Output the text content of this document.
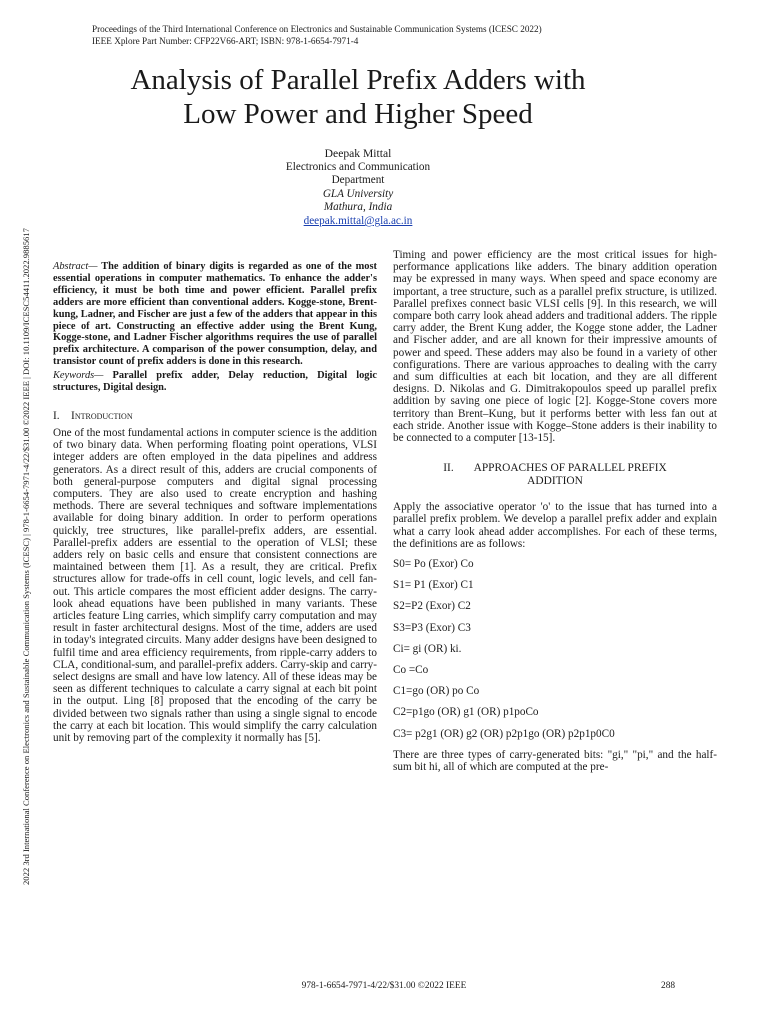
Proceedings of the Third International Conference on Electronics and Sustainable Communication Systems (ICESC 2022)
IEEE Xplore Part Number: CFP22V66-ART; ISBN: 978-1-6654-7971-4
2022 3rd International Conference on Electronics and Sustainable Communication Systems (ICESC) | 978-1-6654-7971-4/22/$31.00 ©2022 IEEE | DOI: 10.1109/ICESC54411.2022.9885617
Analysis of Parallel Prefix Adders with
Low Power and Higher Speed
Deepak Mittal
Electronics and Communication
Department
GLA University
Mathura, India
deepak.mittal@gla.ac.in

Abstract— The addition of binary digits is regarded as one of the most essential operations in computer mathematics. To enhance the adder's efficiency, it must be both time and power efficient. Parallel prefix adders are more efficient than conventional adders. Kogge-stone, Brent-kung, Ladner, and Fischer are just a few of the adders that appear in this piece of art. Constructing an effective adder using the Brent Kung, Kogge-stone, and Ladner Fischer algorithms requires the use of parallel prefix architecture. A comparison of the power consumption, delay, and transistor count of prefix adders is done in this research.

Keywords— Parallel prefix adder, Delay reduction, Digital logic structures, Digital design.

I. Introduction

One of the most fundamental actions in computer science is the addition of two binary data. When performing floating point operations, VLSI integer adders are often employed in the data pipelines and address generators. As a direct result of this, adders are crucial components of both general-purpose computers and digital signal processing computers. They are also used to create encryption and hashing methods. There are several techniques and software implementations available for doing binary addition. In order to perform operations quickly, tree structures, like parallel-prefix adders, are essential. Parallel-prefix adders are essential to the operation of VLSI; these adders rely on basic cells and ensure that consistent connections are maintained between them [1]. As a result, they are critical. Prefix structures allow for trade-offs in cell count, logic levels, and cell fan-out. This article compares the most efficient adder designs. The carry-look ahead equations have been published in many variants. These articles feature Ling carries, which simplify carry computation and may result in faster architectural designs. Most of the time, adders are used in today's integrated circuits. Many adder designs have been designed to fulfil time and area efficiency requirements, from ripple-carry adders to CLA, conditional-sum, and parallel-prefix adders. Carry-skip and carry-select designs are small and have low latency. All of these ideas may be seen as different techniques to calculate a carry signal at each bit point in the output. Ling [8] proposed that the encoding of the carry be divided between two signals rather than using a single signal to encode the carry at each bit location. This would simplify the carry calculation unit by removing part of the complexity it normally has [5].

Timing and power efficiency are the most critical issues for high-performance applications like adders. The binary addition operation may be expressed in many ways. When speed and space economy are important, a tree structure, such as a parallel prefix structure, is utilized. Parallel prefixes connect basic VLSI cells [9]. In this research, we will compare both carry look ahead adders and traditional adders. The ripple carry adder, the Brent Kung adder, the Kogge stone adder, the Ladner and Fischer adder, and are all known for their impressive amounts of power and speed. These adders may also be found in a variety of other configurations. There are various approaches to dealing with the carry and sum difficulties at each bit location, and they are all different designs. D. Nikolas and G. Dimitrakopoulos speed up parallel prefix addition by saving one piece of logic [2]. Kogge-Stone covers more territory than Brent–Kung, but it performs better with less fan out at each stride. Another issue with Kogge–Stone adders is their inability to be connected to a computer [13-15].

II. APPROACHES OF PARALLEL PREFIX
ADDITION

Apply the associative operator 'o' to the issue that has turned into a parallel prefix problem. We develop a parallel prefix adder and explain what a carry look ahead adder accomplishes. For each of these terms, the definitions are as follows:

S0= Po (Exor) Co

S1= P1 (Exor) C1

S2=P2 (Exor) C2

S3=P3 (Exor) C3

Ci= gi (OR) ki.

Co =Co

C1=go (OR) po Co

C2=p1go (OR) g1 (OR) p1poCo

C3= p2g1 (OR) g2 (OR) p2p1go (OR) p2p1p0C0

There are three types of carry-generated bits: "gi," "pi," and the half-sum bit hi, all of which are computed at the pre-

978-1-6654-7971-4/22/$31.00 ©2022 IEEE	288
